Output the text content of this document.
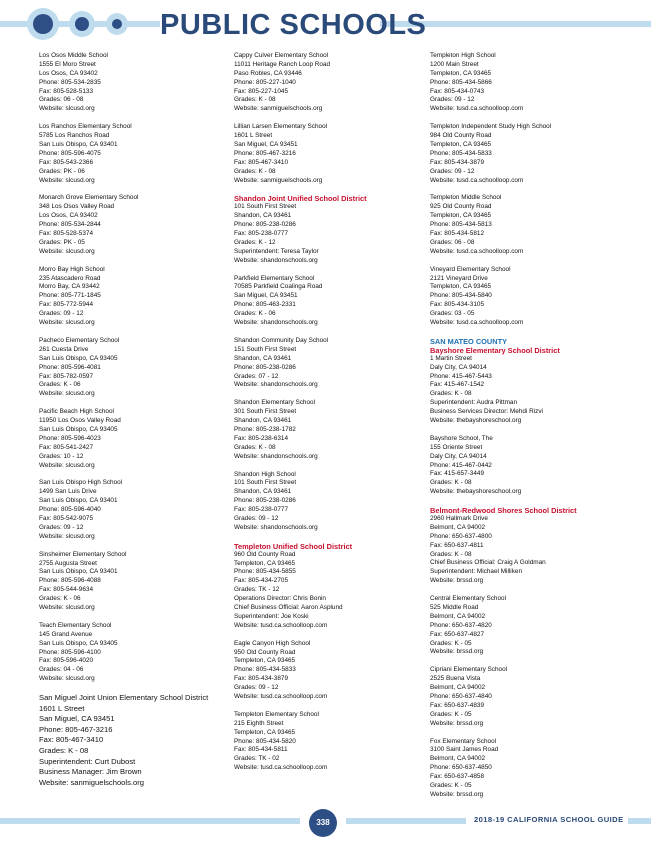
PUBLIC SCHOOLS
Los Osos Middle School
1555 El Moro Street
Los Osos, CA 93402
Phone: 805-534-2835
Fax: 805-528-5133
Grades: 06 - 08
Website: slcusd.org
Los Ranchos Elementary School
5785 Los Ranchos Road
San Luis Obispo, CA 93401
Phone: 805-596-4075
Fax: 805-543-2366
Grades: PK - 06
Website: slcusd.org
Monarch Grove Elementary School
348 Los Osos Valley Road
Los Osos, CA 93402
Phone: 805-534-2844
Fax: 805-528-5374
Grades: PK - 05
Website: slcusd.org
Morro Bay High School
235 Atascadero Road
Morro Bay, CA 93442
Phone: 805-771-1845
Fax: 805-772-5944
Grades: 09 - 12
Website: slcusd.org
Pacheco Elementary School
261 Cuesta Drive
San Luis Obispo, CA 93405
Phone: 805-596-4081
Fax: 805-782-0597
Grades: K - 06
Website: slcusd.org
Pacific Beach High School
11950 Los Osos Valley Road
San Luis Obispo, CA 93405
Phone: 805-596-4023
Fax: 805-541-2427
Grades: 10 - 12
Website: slcusd.org
San Luis Obispo High School
1499 San Luis Drive
San Luis Obispo, CA 93401
Phone: 805-596-4040
Fax: 805-542-9075
Grades: 09 - 12
Website: slcusd.org
Sinsheimer Elementary School
2755 Augusta Street
San Luis Obispo, CA 93401
Phone: 805-596-4088
Fax: 805-544-9634
Grades: K - 06
Website: slcusd.org
Teach Elementary School
145 Grand Avenue
San Luis Obispo, CA 93405
Phone: 805-596-4100
Fax: 805-596-4020
Grades: 04 - 06
Website: slcusd.org
San Miguel Joint Union Elementary School District
1601 L Street
San Miguel, CA 93451
Phone: 805-467-3216
Fax: 805-467-3410
Grades: K - 08
Superintendent: Curt Dubost
Business Manager: Jim Brown
Website: sanmiguelschools.org
Cappy Culver Elementary School
11011 Heritage Ranch Loop Road
Paso Robles, CA 93446
Phone: 805-227-1040
Fax: 805-227-1045
Grades: K - 08
Website: sanmiguelschools.org
Lillian Larsen Elementary School
1601 L Street
San Miguel, CA 93451
Phone: 805-467-3216
Fax: 805-467-3410
Grades: K - 08
Website: sanmiguelschools.org
Shandon Joint Unified School District
101 South First Street
Shandon, CA 93461
Phone: 805-238-0286
Fax: 805-238-0777
Grades: K - 12
Superintendent: Teresa Taylor
Website: shandonschools.org
Parkfield Elementary School
70585 Parkfield Coalinga Road
San Miguel, CA 93451
Phone: 805-463-2331
Grades: K - 06
Website: shandonschools.org
Shandon Community Day School
151 South First Street
Shandon, CA 93461
Phone: 805-238-0286
Grades: 07 - 12
Website: shandonschools.org
Shandon Elementary School
301 South First Street
Shandon, CA 93461
Phone: 805-238-1782
Fax: 805-238-6314
Grades: K - 08
Website: shandonschools.org
Shandon High School
101 South First Street
Shandon, CA 93461
Phone: 805-238-0286
Fax: 805-238-0777
Grades: 09 - 12
Website: shandonschools.org
Templeton Unified School District
960 Old County Road
Templeton, CA 93465
Phone: 805-434-5855
Fax: 805-434-2705
Grades: TK - 12
Operations Director: Chris Bonin
Chief Business Official: Aaron Asplund
Superintendent: Joe Koski
Website: tusd.ca.schoolloop.com
Eagle Canyon High School
950 Old County Road
Templeton, CA 93465
Phone: 805-434-5833
Fax: 805-434-3879
Grades: 09 - 12
Website: tusd.ca.schoolloop.com
Templeton Elementary School
215 Eighth Street
Templeton, CA 93465
Phone: 805-434-5820
Fax: 805-434-5811
Grades: TK - 02
Website: tusd.ca.schoolloop.com
Templeton High School
1200 Main Street
Templeton, CA 93465
Phone: 805-434-5866
Fax: 805-434-0743
Grades: 09 - 12
Website: tusd.ca.schoolloop.com
Templeton Independent Study High School
984 Old County Road
Templeton, CA 93465
Phone: 805-434-5833
Fax: 805-434-3879
Grades: 09 - 12
Website: tusd.ca.schoolloop.com
Templeton Middle School
925 Old County Road
Templeton, CA 93465
Phone: 805-434-5813
Fax: 805-434-5812
Grades: 06 - 08
Website: tusd.ca.schoolloop.com
Vineyard Elementary School
2121 Vineyard Drive
Templeton, CA 93465
Phone: 805-434-5840
Fax: 805-434-3105
Grades: 03 - 05
Website: tusd.ca.schoolloop.com
SAN MATEO COUNTY
Bayshore Elementary School District
1 Martin Street
Daly City, CA 94014
Phone: 415-467-5443
Fax: 415-467-1542
Grades: K - 08
Superintendent: Audra Pittman
Business Services Director: Mehdi Rizvi
Website: thebayshoreschool.org
Bayshore School, The
155 Oriente Street
Daly City, CA 94014
Phone: 415-467-0442
Fax: 415-657-3449
Grades: K - 08
Website: thebayshoreschool.org
Belmont-Redwood Shores School District
2960 Hallmark Drive
Belmont, CA 94002
Phone: 650-637-4800
Fax: 650-637-4811
Grades: K - 08
Chief Business Official: Craig A Goldman
Superintendent: Michael Milliken
Website: brssd.org
Central Elementary School
525 Middle Road
Belmont, CA 94002
Phone: 650-637-4820
Fax: 650-637-4827
Grades: K - 05
Website: brssd.org
Cipriani Elementary School
2525 Buena Vista
Belmont, CA 94002
Phone: 650-637-4840
Fax: 650-637-4839
Grades: K - 05
Website: brssd.org
Fox Elementary School
3100 Saint James Road
Belmont, CA 94002
Phone: 650-637-4850
Fax: 650-637-4858
Grades: K - 05
Website: brssd.org
338	2018-19 CALIFORNIA SCHOOL GUIDE
